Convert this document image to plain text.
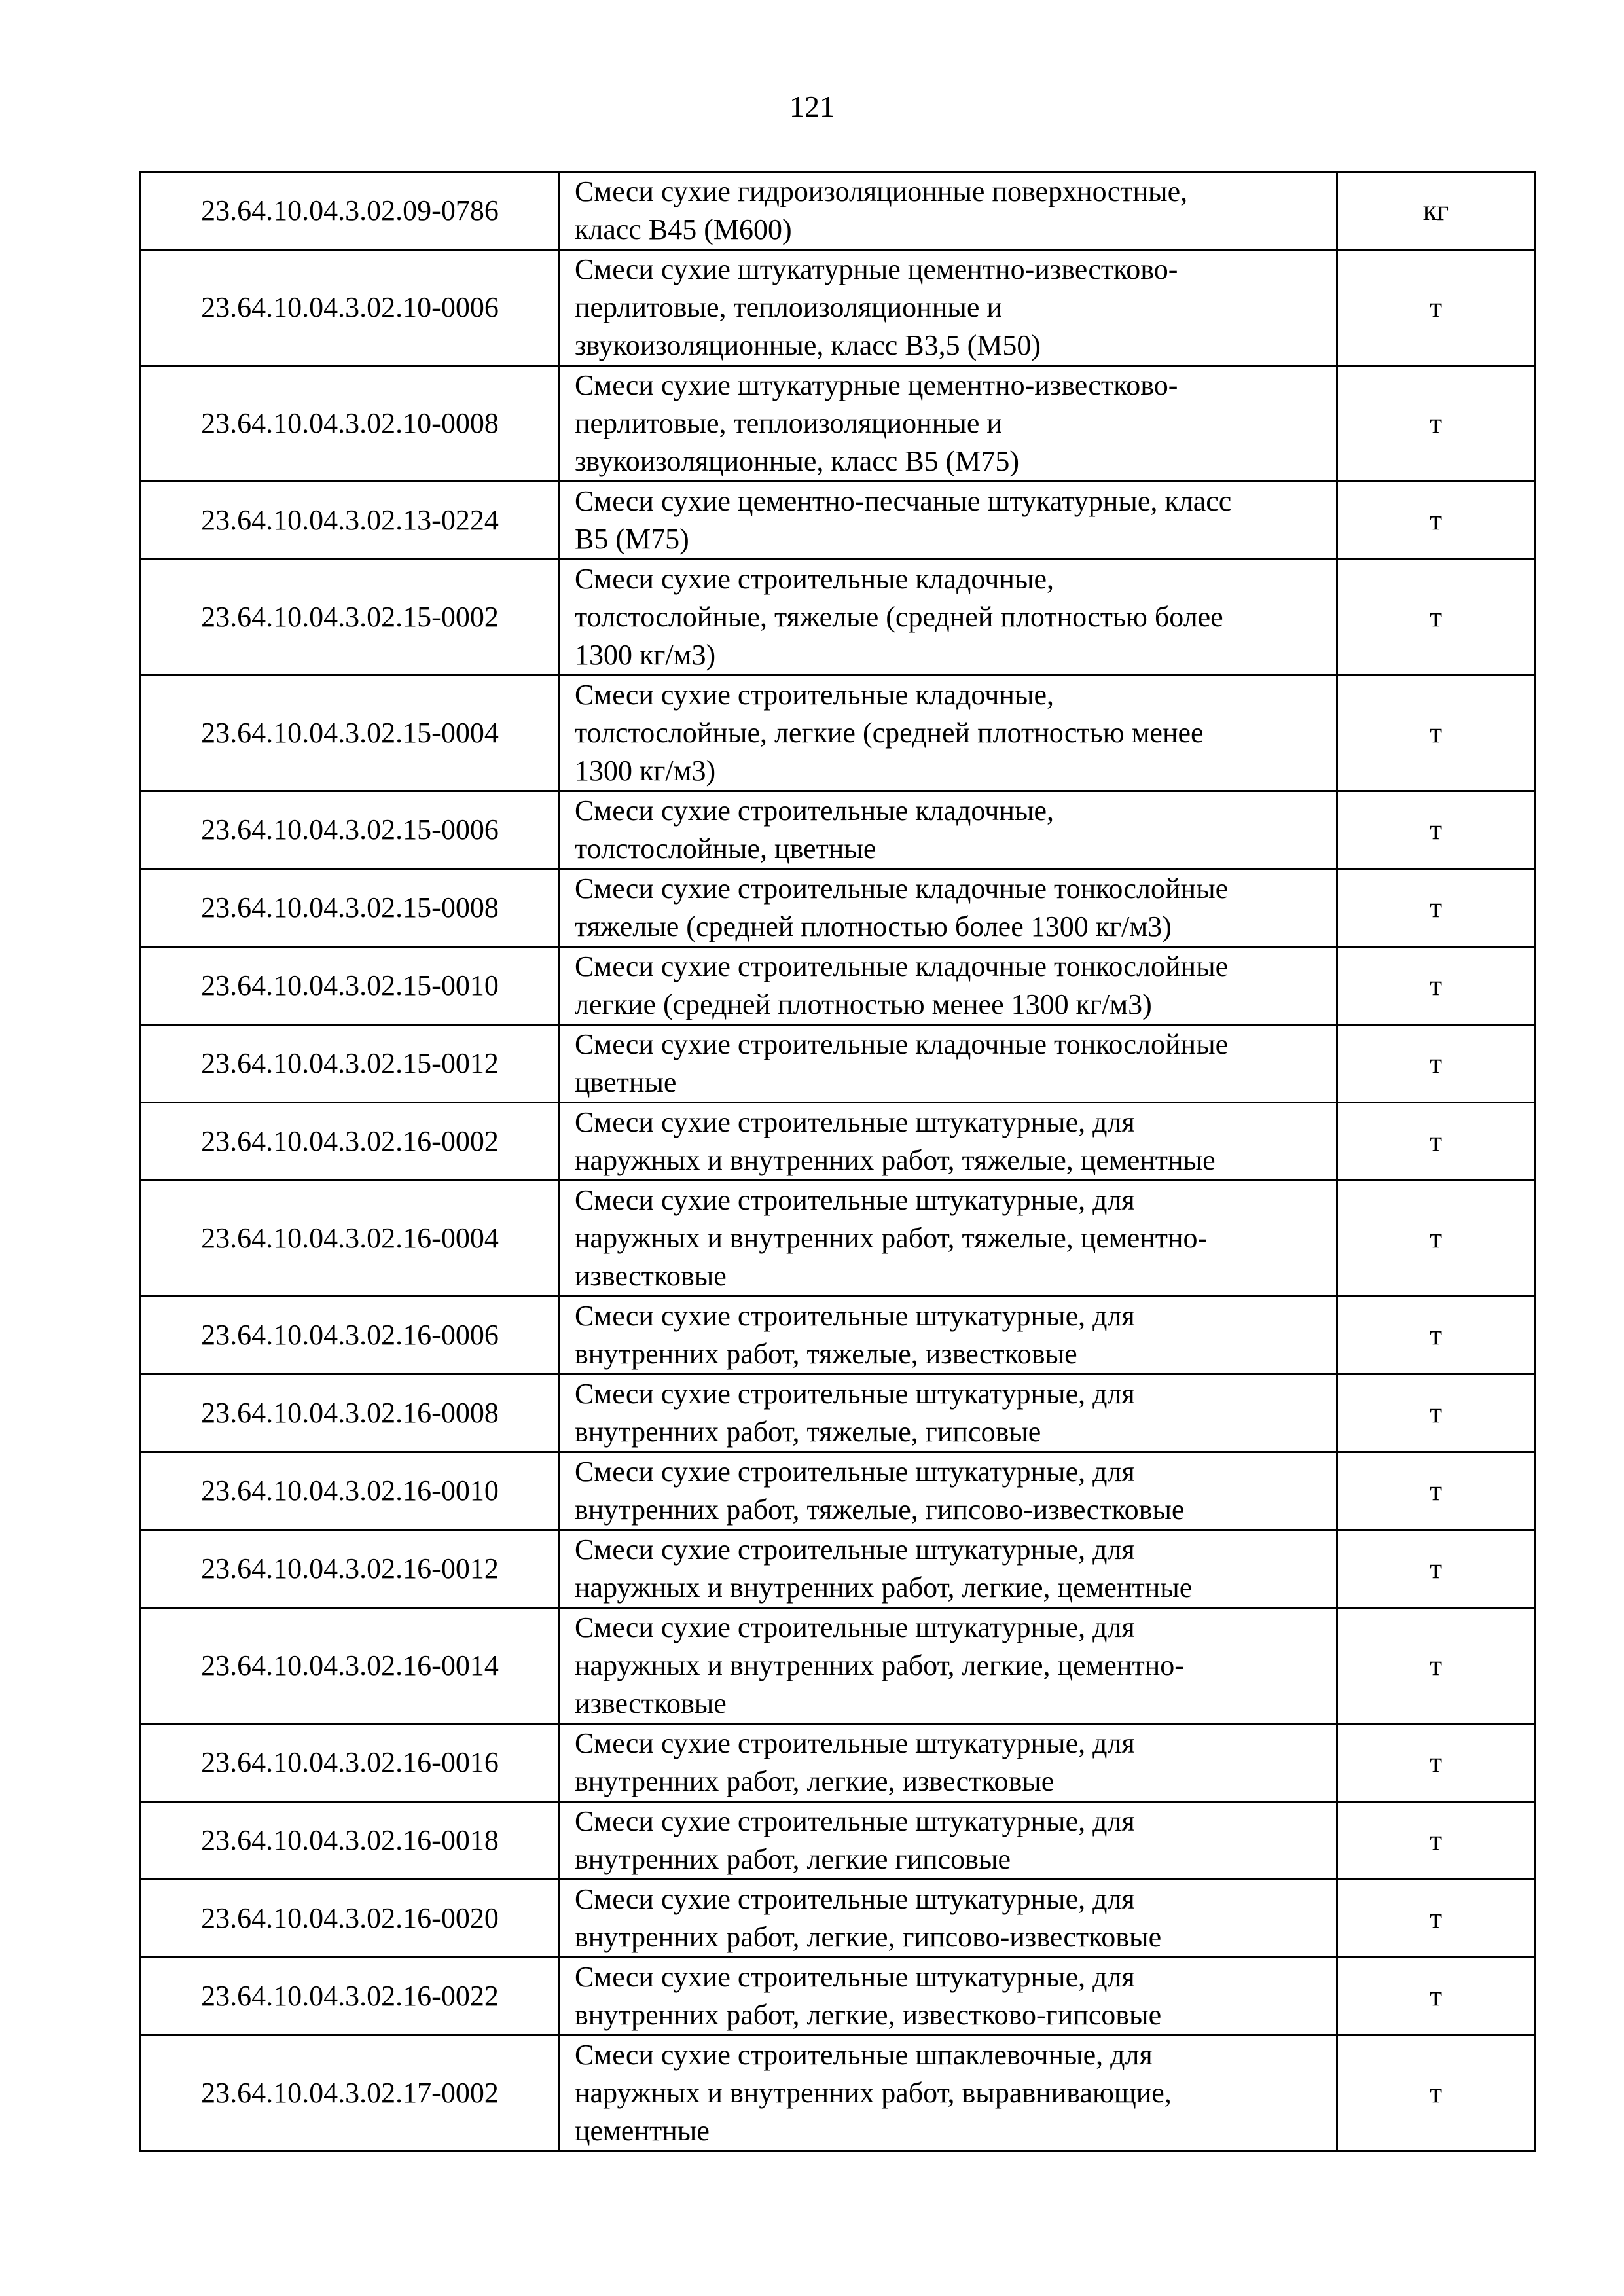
121
23.64.10.04.3.02.09-0786	Смеси сухие гидроизоляционные поверхностные,
класс В45 (М600)	кг
23.64.10.04.3.02.10-0006	Смеси сухие штукатурные цементно-известково-
перлитовые, теплоизоляционные и
звукоизоляционные, класс В3,5 (М50)	т
23.64.10.04.3.02.10-0008	Смеси сухие штукатурные цементно-известково-
перлитовые, теплоизоляционные и
звукоизоляционные, класс В5 (М75)	т
23.64.10.04.3.02.13-0224	Смеси сухие цементно-песчаные штукатурные, класс
В5 (М75)	т
23.64.10.04.3.02.15-0002	Смеси сухие строительные кладочные,
толстослойные, тяжелые (средней плотностью более
1300 кг/м3)	т
23.64.10.04.3.02.15-0004	Смеси сухие строительные кладочные,
толстослойные, легкие (средней плотностью менее
1300 кг/м3)	т
23.64.10.04.3.02.15-0006	Смеси сухие строительные кладочные,
толстослойные, цветные	т
23.64.10.04.3.02.15-0008	Смеси сухие строительные кладочные тонкослойные
тяжелые (средней плотностью более 1300 кг/м3)	т
23.64.10.04.3.02.15-0010	Смеси сухие строительные кладочные тонкослойные
легкие (средней плотностью менее 1300 кг/м3)	т
23.64.10.04.3.02.15-0012	Смеси сухие строительные кладочные тонкослойные
цветные	т
23.64.10.04.3.02.16-0002	Смеси сухие строительные штукатурные, для
наружных и внутренних работ, тяжелые, цементные	т
23.64.10.04.3.02.16-0004	Смеси сухие строительные штукатурные, для
наружных и внутренних работ, тяжелые, цементно-
известковые	т
23.64.10.04.3.02.16-0006	Смеси сухие строительные штукатурные, для
внутренних работ, тяжелые, известковые	т
23.64.10.04.3.02.16-0008	Смеси сухие строительные штукатурные, для
внутренних работ, тяжелые, гипсовые	т
23.64.10.04.3.02.16-0010	Смеси сухие строительные штукатурные, для
внутренних работ, тяжелые, гипсово-известковые	т
23.64.10.04.3.02.16-0012	Смеси сухие строительные штукатурные, для
наружных и внутренних работ, легкие, цементные	т
23.64.10.04.3.02.16-0014	Смеси сухие строительные штукатурные, для
наружных и внутренних работ, легкие, цементно-
известковые	т
23.64.10.04.3.02.16-0016	Смеси сухие строительные штукатурные, для
внутренних работ, легкие, известковые	т
23.64.10.04.3.02.16-0018	Смеси сухие строительные штукатурные, для
внутренних работ, легкие гипсовые	т
23.64.10.04.3.02.16-0020	Смеси сухие строительные штукатурные, для
внутренних работ, легкие, гипсово-известковые	т
23.64.10.04.3.02.16-0022	Смеси сухие строительные штукатурные, для
внутренних работ, легкие, известково-гипсовые	т
23.64.10.04.3.02.17-0002	Смеси сухие строительные шпаклевочные, для
наружных и внутренних работ, выравнивающие,
цементные	т
